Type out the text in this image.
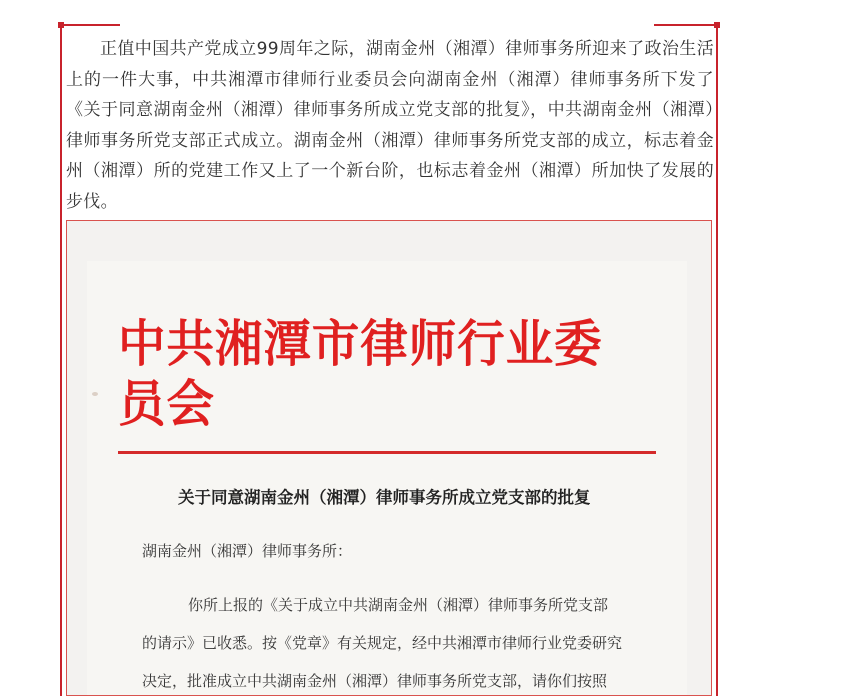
正值中国共产党成立99周年之际，湖南金州（湘潭）律师事务所迎来了政治生活上的一件大事，中共湘潭市律师行业委员会向湖南金州（湘潭）律师事务所下发了《关于同意湖南金州（湘潭）律师事务所成立党支部的批复》，中共湖南金州（湘潭）律师事务所党支部正式成立。湖南金州（湘潭）律师事务所党支部的成立，标志着金州（湘潭）所的党建工作又上了一个新台阶，也标志着金州（湘潭）所加快了发展的步伐。

中共湘潭市律师行业委员会
关于同意湖南金州（湘潭）律师事务所成立党支部的批复
湖南金州（湘潭）律师事务所：
你所上报的《关于成立中共湖南金州（湘潭）律师事务所党支部
的请示》已收悉。按《党章》有关规定，经中共湘潭市律师行业党委研究
决定，批准成立中共湖南金州（湘潭）律师事务所党支部，请你们按照
